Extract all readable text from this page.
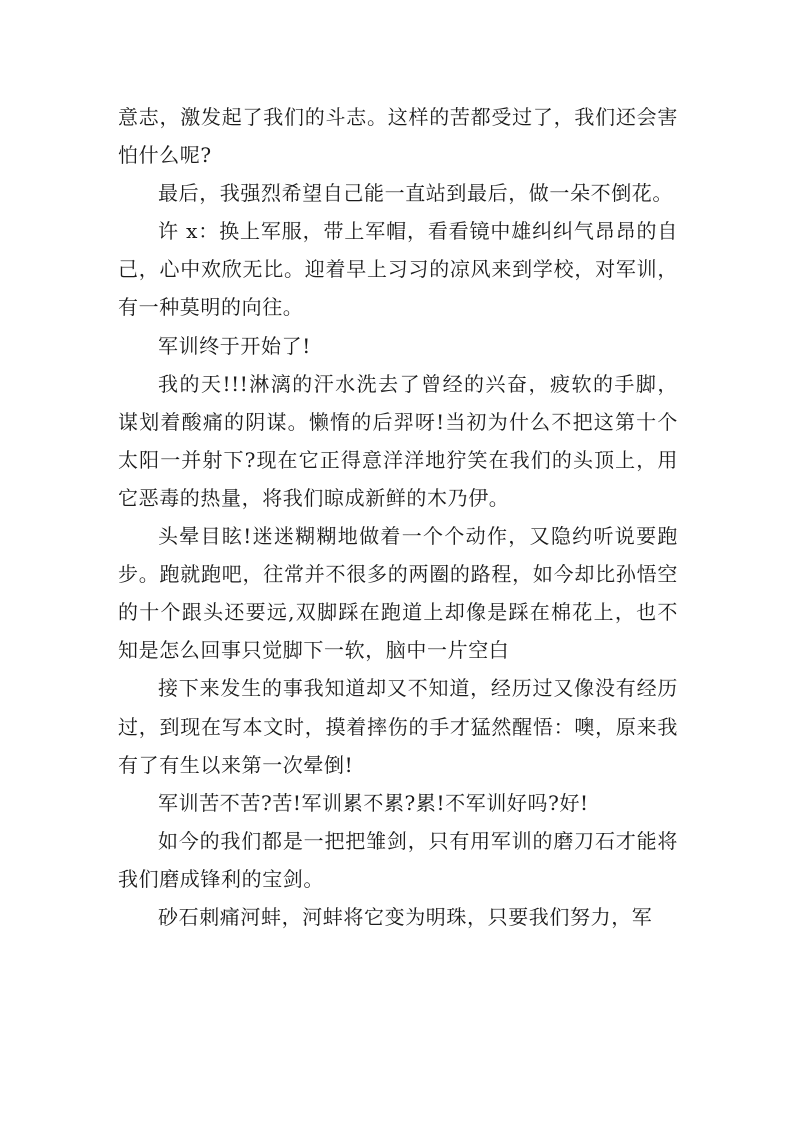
意志，激发起了我们的斗志。这样的苦都受过了，我们还会害怕什么呢?

最后，我强烈希望自己能一直站到最后，做一朵不倒花。

许 x：换上军服，带上军帽，看看镜中雄纠纠气昂昂的自己，心中欢欣无比。迎着早上习习的凉风来到学校，对军训，有一种莫明的向往。

军训终于开始了!

我的天!!!淋漓的汗水洗去了曾经的兴奋，疲软的手脚，谋划着酸痛的阴谋。懒惰的后羿呀!当初为什么不把这第十个太阳一并射下?现在它正得意洋洋地狞笑在我们的头顶上，用它恶毒的热量，将我们晾成新鲜的木乃伊。

头晕目眩!迷迷糊糊地做着一个个动作，又隐约听说要跑步。跑就跑吧，往常并不很多的两圈的路程，如今却比孙悟空的十个跟头还要远,双脚踩在跑道上却像是踩在棉花上，也不知是怎么回事只觉脚下一软，脑中一片空白

接下来发生的事我知道却又不知道，经历过又像没有经历过，到现在写本文时，摸着摔伤的手才猛然醒悟：噢，原来我有了有生以来第一次晕倒!

军训苦不苦?苦!军训累不累?累!不军训好吗?好!

如今的我们都是一把把雏剑，只有用军训的磨刀石才能将我们磨成锋利的宝剑。

砂石刺痛河蚌，河蚌将它变为明珠，只要我们努力，军
